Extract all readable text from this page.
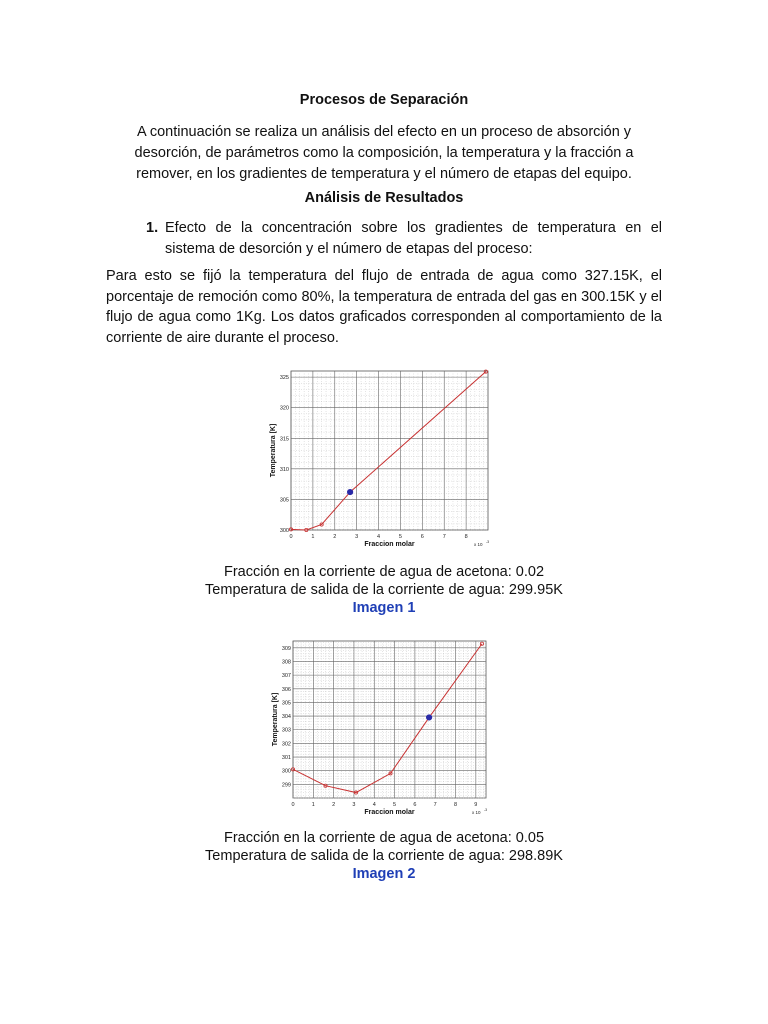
Procesos de Separación
A continuación se realiza un análisis del efecto en un proceso de absorción y desorción, de parámetros como la composición, la temperatura y la fracción a remover, en los gradientes de temperatura y el número de etapas del equipo.
Análisis de Resultados
1. Efecto de la concentración sobre los gradientes de temperatura en el sistema de desorción y el número de etapas del proceso:
Para esto se fijó la temperatura del flujo de entrada de agua como 327.15K, el porcentaje de remoción como 80%, la temperatura de entrada del gas en 300.15K y el flujo de agua como 1Kg. Los datos graficados corresponden al comportamiento de la corriente de aire durante el proceso.
0	1	2	3	4	5	6	7	8
300
305
310
315
320
325
Fraccion molar
Temperatura [K]
x 10 -3
Fracción en la corriente de agua de acetona: 0.02
Temperatura de salida de la corriente de agua: 299.95K
Imagen 1
0	1	2	3	4	5	6	7	8	9
299
300
301
302
303
304
305
306
307
308
309
Fraccion molar
Temperatura [K]
x 10 -3
Fracción en la corriente de agua de acetona: 0.05
Temperatura de salida de la corriente de agua: 298.89K
Imagen 2
